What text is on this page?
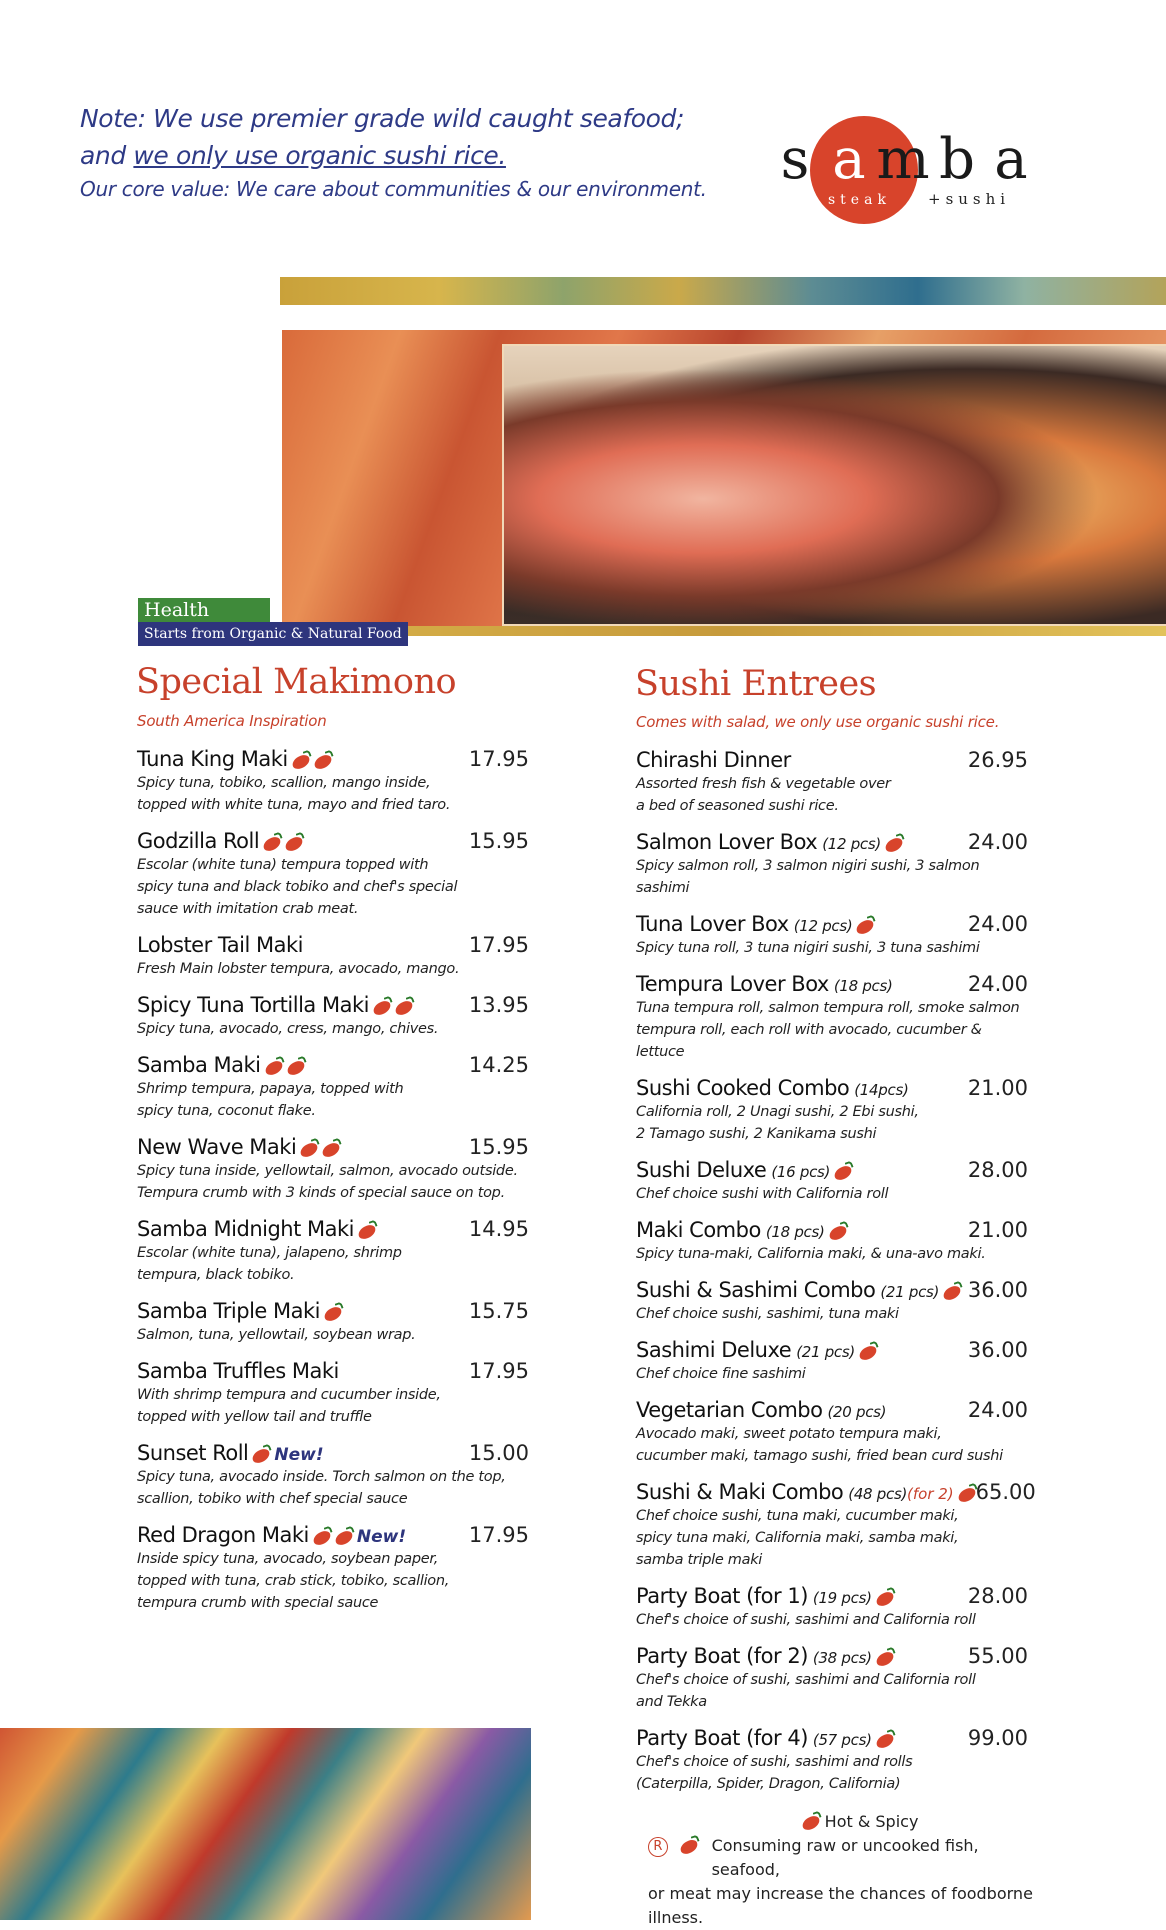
Note: We use premier grade wild caught seafood;
and we only use organic sushi rice.
Our core value: We care about communities & our environment. s a m b a
steak +sushi
Health
Starts from Organic & Natural Food
Special Makimono
South America Inspiration
Sushi Entrees
Comes with salad, we only use organic sushi rice.
Tuna King Maki	17.95
Spicy tuna, tobiko, scallion, mango inside,
topped with white tuna, mayo and fried taro.
Godzilla Roll	15.95
Escolar (white tuna) tempura topped with
spicy tuna and black tobiko and chef's special
sauce with imitation crab meat.
Lobster Tail Maki	17.95
Fresh Main lobster tempura, avocado, mango.
Spicy Tuna Tortilla Maki	13.95
Spicy tuna, avocado, cress, mango, chives.
Samba Maki	14.25
Shrimp tempura, papaya, topped with
spicy tuna, coconut flake.
New Wave Maki	15.95
Spicy tuna inside, yellowtail, salmon, avocado outside.
Tempura crumb with 3 kinds of special sauce on top.
Samba Midnight Maki	14.95
Escolar (white tuna), jalapeno, shrimp
tempura, black tobiko.
Samba Triple Maki	15.75
Salmon, tuna, yellowtail, soybean wrap.
Samba Truffles Maki	17.95
With shrimp tempura and cucumber inside,
topped with yellow tail and truffle
Sunset Roll New!	15.00
Spicy tuna, avocado inside. Torch salmon on the top,
scallion, tobiko with chef special sauce
Red Dragon Maki	New!	17.95
Inside spicy tuna, avocado, soybean paper,
topped with tuna, crab stick, tobiko, scallion,
tempura crumb with special sauce
Chirashi Dinner	26.95
Assorted fresh fish & vegetable over
a bed of seasoned sushi rice.
Salmon Lover Box (12 pcs)	24.00
Spicy salmon roll, 3 salmon nigiri sushi, 3 salmon sashimi
Tuna Lover Box (12 pcs)	24.00
Spicy tuna roll, 3 tuna nigiri sushi, 3 tuna sashimi
Tempura Lover Box (18 pcs)	24.00
Tuna tempura roll, salmon tempura roll, smoke salmon
tempura roll, each roll with avocado, cucumber & lettuce
Sushi Cooked Combo (14pcs)	21.00
California roll, 2 Unagi sushi, 2 Ebi sushi,
2 Tamago sushi, 2 Kanikama sushi
Sushi Deluxe (16 pcs)	28.00
Chef choice sushi with California roll
Maki Combo (18 pcs)	21.00
Spicy tuna-maki, California maki, & una-avo maki.
Sushi & Sashimi Combo (21 pcs)	36.00
Chef choice sushi, sashimi, tuna maki
Sashimi Deluxe (21 pcs)	36.00
Chef choice fine sashimi
Vegetarian Combo (20 pcs)	24.00
Avocado maki, sweet potato tempura maki,
cucumber maki, tamago sushi, fried bean curd sushi
Sushi & Maki Combo (48 pcs)(for 2)	65.00
Chef choice sushi, tuna maki, cucumber maki,
spicy tuna maki, California maki, samba maki,
samba triple maki
Party Boat (for 1) (19 pcs)	28.00
Chef's choice of sushi, sashimi and California roll
Party Boat (for 2) (38 pcs)	55.00
Chef's choice of sushi, sashimi and California roll
and Tekka
Party Boat (for 4) (57 pcs)	99.00
Chef's choice of sushi, sashimi and rolls
(Caterpilla, Spider, Dragon, California)
Hot & Spicy
R	Consuming raw or uncooked fish, seafood,
or meat may increase the chances of foodborne illness.
